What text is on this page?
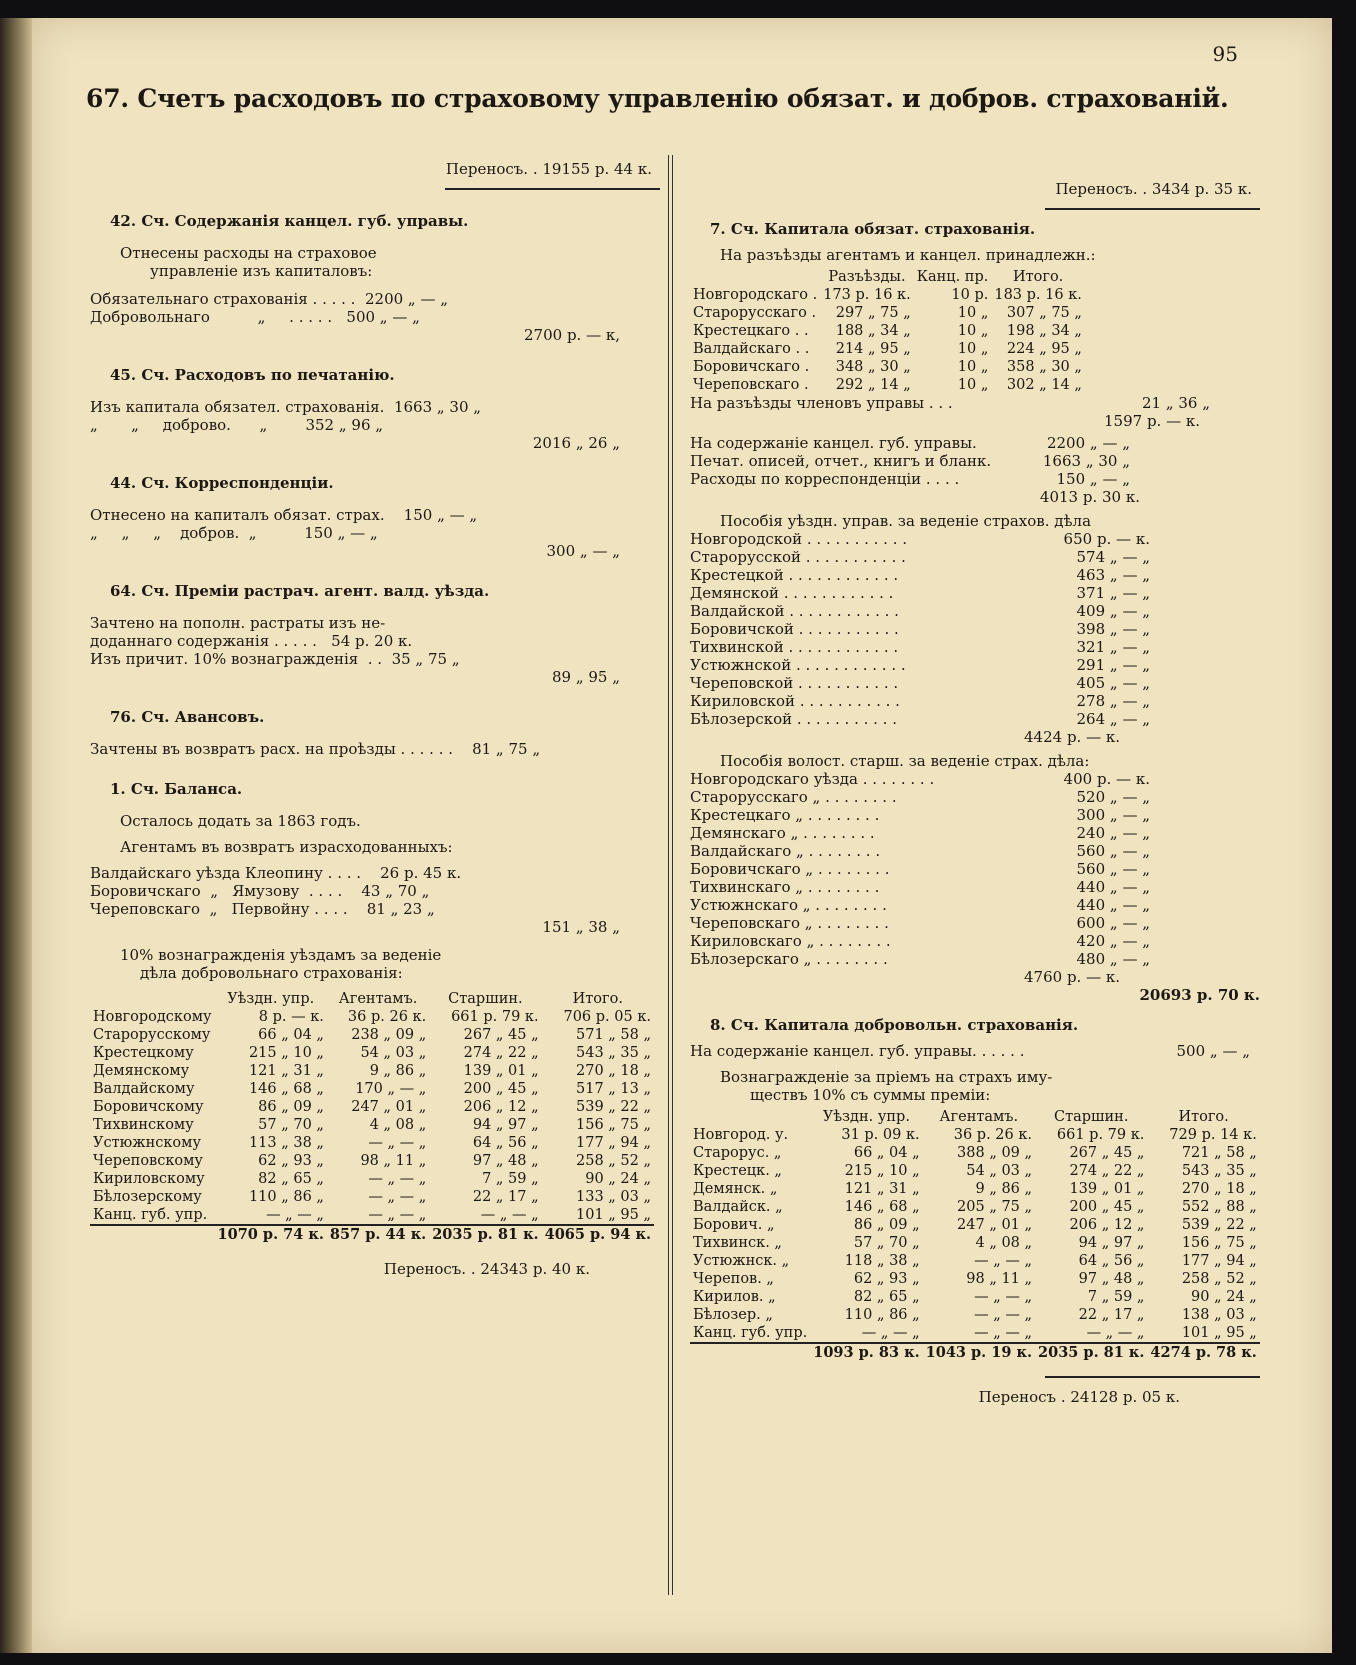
95
67. Счетъ расходовъ по страховому управленію обязат. и добров. страхованій.
Переносъ. . 19155 р. 44 к.
42. Сч. Содержанія канцел. губ. управы.
Отнесены расходы на страховое
управленіе изъ капиталовъ:
Обязательнаго страхованія . . . . .  2200 „ — „
Добровольнаго          „     . . . . .   500 „ — „
2700 р. — к,
45. Сч. Расходовъ по печатанію.
Изъ капитала обязател. страхованія.  1663 „ 30 „
„       „     доброво.      „        352 „ 96 „
2016 „ 26 „
44. Сч. Корреспонденціи.
Отнесено на капиталъ обязат. страх.    150 „ — „
„     „     „    добров.  „          150 „ — „
300 „ — „
64. Сч. Преміи растрач. агент. валд. уѣзда.
Зачтено на пополн. растраты изъ не-
доданнаго содержанія . . . . .   54 р. 20 к.
Изъ причит. 10% вознагражденія  . .  35 „ 75 „
89 „ 95 „
76. Сч. Авансовъ.
Зачтены въ возвратъ расх. на проѣзды . . . . . .    81 „ 75 „
1. Сч. Баланса.
Осталось додать за 1863 годъ.
Агентамъ въ возвратъ израсходованныхъ:
Валдайскаго уѣзда Клеопину . . . .    26 р. 45 к.
Боровичскаго  „   Ямузову  . . . .    43 „ 70 „
Череповскаго  „   Первойну . . . .    81 „ 23 „
151 „ 38 „
10% вознагражденія уѣздамъ за веденіе
дѣла добровольнаго страхованія:
	Уѣздн. упр.	Агентамъ.	Старшин.	Итого.
Новгородскому	8 р. — к.	36 р. 26 к.	661 р. 79 к.	706 р. 05 к.
Старорусскому	66 „ 04 „	238 „ 09 „	267 „ 45 „	571 „ 58 „
Крестецкому	215 „ 10 „	54 „ 03 „	274 „ 22 „	543 „ 35 „
Демянскому	121 „ 31 „	9 „ 86 „	139 „ 01 „	270 „ 18 „
Валдайскому	146 „ 68 „	170 „ — „	200 „ 45 „	517 „ 13 „
Боровичскому	86 „ 09 „	247 „ 01 „	206 „ 12 „	539 „ 22 „
Тихвинскому	57 „ 70 „	4 „ 08 „	94 „ 97 „	156 „ 75 „
Устюжнскому	113 „ 38 „	— „ — „	64 „ 56 „	177 „ 94 „
Череповскому	62 „ 93 „	98 „ 11 „	97 „ 48 „	258 „ 52 „
Кириловскому	82 „ 65 „	— „ — „	7 „ 59 „	90 „ 24 „
Бѣлозерскому	110 „ 86 „	— „ — „	22 „ 17 „	133 „ 03 „
Канц. губ. упр.	— „ — „	— „ — „	— „ — „	101 „ 95 „
	1070 р. 74 к.	857 р. 44 к.	2035 р. 81 к.	4065 р. 94 к.
Переносъ. . 24343 р. 40 к.
Переносъ. . 3434 р. 35 к.
7. Сч. Капитала обязат. страхованія.
На разъѣзды агентамъ и канцел. принадлежн.:
	Разъѣзды.	Канц. пр.	Итого.
Новгородскаго .	173 р. 16 к.	10 р.	183 р. 16 к.
Старорусскаго .	297 „ 75 „	10 „	307 „ 75 „
Крестецкаго . .	188 „ 34 „	10 „	198 „ 34 „
Валдайскаго . .	214 „ 95 „	10 „	224 „ 95 „
Боровичскаго .	348 „ 30 „	10 „	358 „ 30 „
Череповскаго .	292 „ 14 „	10 „	302 „ 14 „
На разъѣзды членовъ управы . . .	21 „ 36 „
1597 р. — к.
На содержаніе канцел. губ. управы.	2200 „ — „
Печат. описей, отчет., книгъ и бланк.	1663 „ 30 „
Расходы по корреспонденціи . . . .	150 „ — „
4013 р. 30 к.
Пособія уѣздн. управ. за веденіе страхов. дѣла
Новгородской . . . . . . . . . . .	650 р. — к.
Старорусской . . . . . . . . . . .	574 „ — „
Крестецкой . . . . . . . . . . . .	463 „ — „
Демянской . . . . . . . . . . . .	371 „ — „
Валдайской . . . . . . . . . . . .	409 „ — „
Боровичской . . . . . . . . . . .	398 „ — „
Тихвинской . . . . . . . . . . . .	321 „ — „
Устюжнской . . . . . . . . . . . .	291 „ — „
Череповской . . . . . . . . . . .	405 „ — „
Кириловской . . . . . . . . . . .	278 „ — „
Бѣлозерской . . . . . . . . . . .	264 „ — „
4424 р. — к.
Пособія волост. старш. за веденіе страх. дѣла:
Новгородскаго уѣзда . . . . . . . .	400 р. — к.
Старорусскаго „ . . . . . . . .	520 „ — „
Крестецкаго „ . . . . . . . .	300 „ — „
Демянскаго „ . . . . . . . .	240 „ — „
Валдайскаго „ . . . . . . . .	560 „ — „
Боровичскаго „ . . . . . . . .	560 „ — „
Тихвинскаго „ . . . . . . . .	440 „ — „
Устюжнскаго „ . . . . . . . .	440 „ — „
Череповскаго „ . . . . . . . .	600 „ — „
Кириловскаго „ . . . . . . . .	420 „ — „
Бѣлозерскаго „ . . . . . . . .	480 „ — „
4760 р. — к.
20693 р. 70 к.
8. Сч. Капитала добровольн. страхованія.
На содержаніе канцел. губ. управы. . . . . .	500 „ — „
Вознагражденіе за пріемъ на страхъ иму-
ществъ 10% съ суммы преміи:
	Уѣздн. упр.	Агентамъ.	Старшин.	Итого.
Новгород. у.	31 р. 09 к.	36 р. 26 к.	661 р. 79 к.	729 р. 14 к.
Старорус. „	66 „ 04 „	388 „ 09 „	267 „ 45 „	721 „ 58 „
Крестецк. „	215 „ 10 „	54 „ 03 „	274 „ 22 „	543 „ 35 „
Демянск. „	121 „ 31 „	9 „ 86 „	139 „ 01 „	270 „ 18 „
Валдайск. „	146 „ 68 „	205 „ 75 „	200 „ 45 „	552 „ 88 „
Борович. „	86 „ 09 „	247 „ 01 „	206 „ 12 „	539 „ 22 „
Тихвинск. „	57 „ 70 „	4 „ 08 „	94 „ 97 „	156 „ 75 „
Устюжнск. „	118 „ 38 „	— „ — „	64 „ 56 „	177 „ 94 „
Черепов. „	62 „ 93 „	98 „ 11 „	97 „ 48 „	258 „ 52 „
Кирилов. „	82 „ 65 „	— „ — „	7 „ 59 „	90 „ 24 „
Бѣлозер. „	110 „ 86 „	— „ — „	22 „ 17 „	138 „ 03 „
Канц. губ. упр.	— „ — „	— „ — „	— „ — „	101 „ 95 „
	1093 р. 83 к.	1043 р. 19 к.	2035 р. 81 к.	4274 р. 78 к.
Переносъ . 24128 р. 05 к.
